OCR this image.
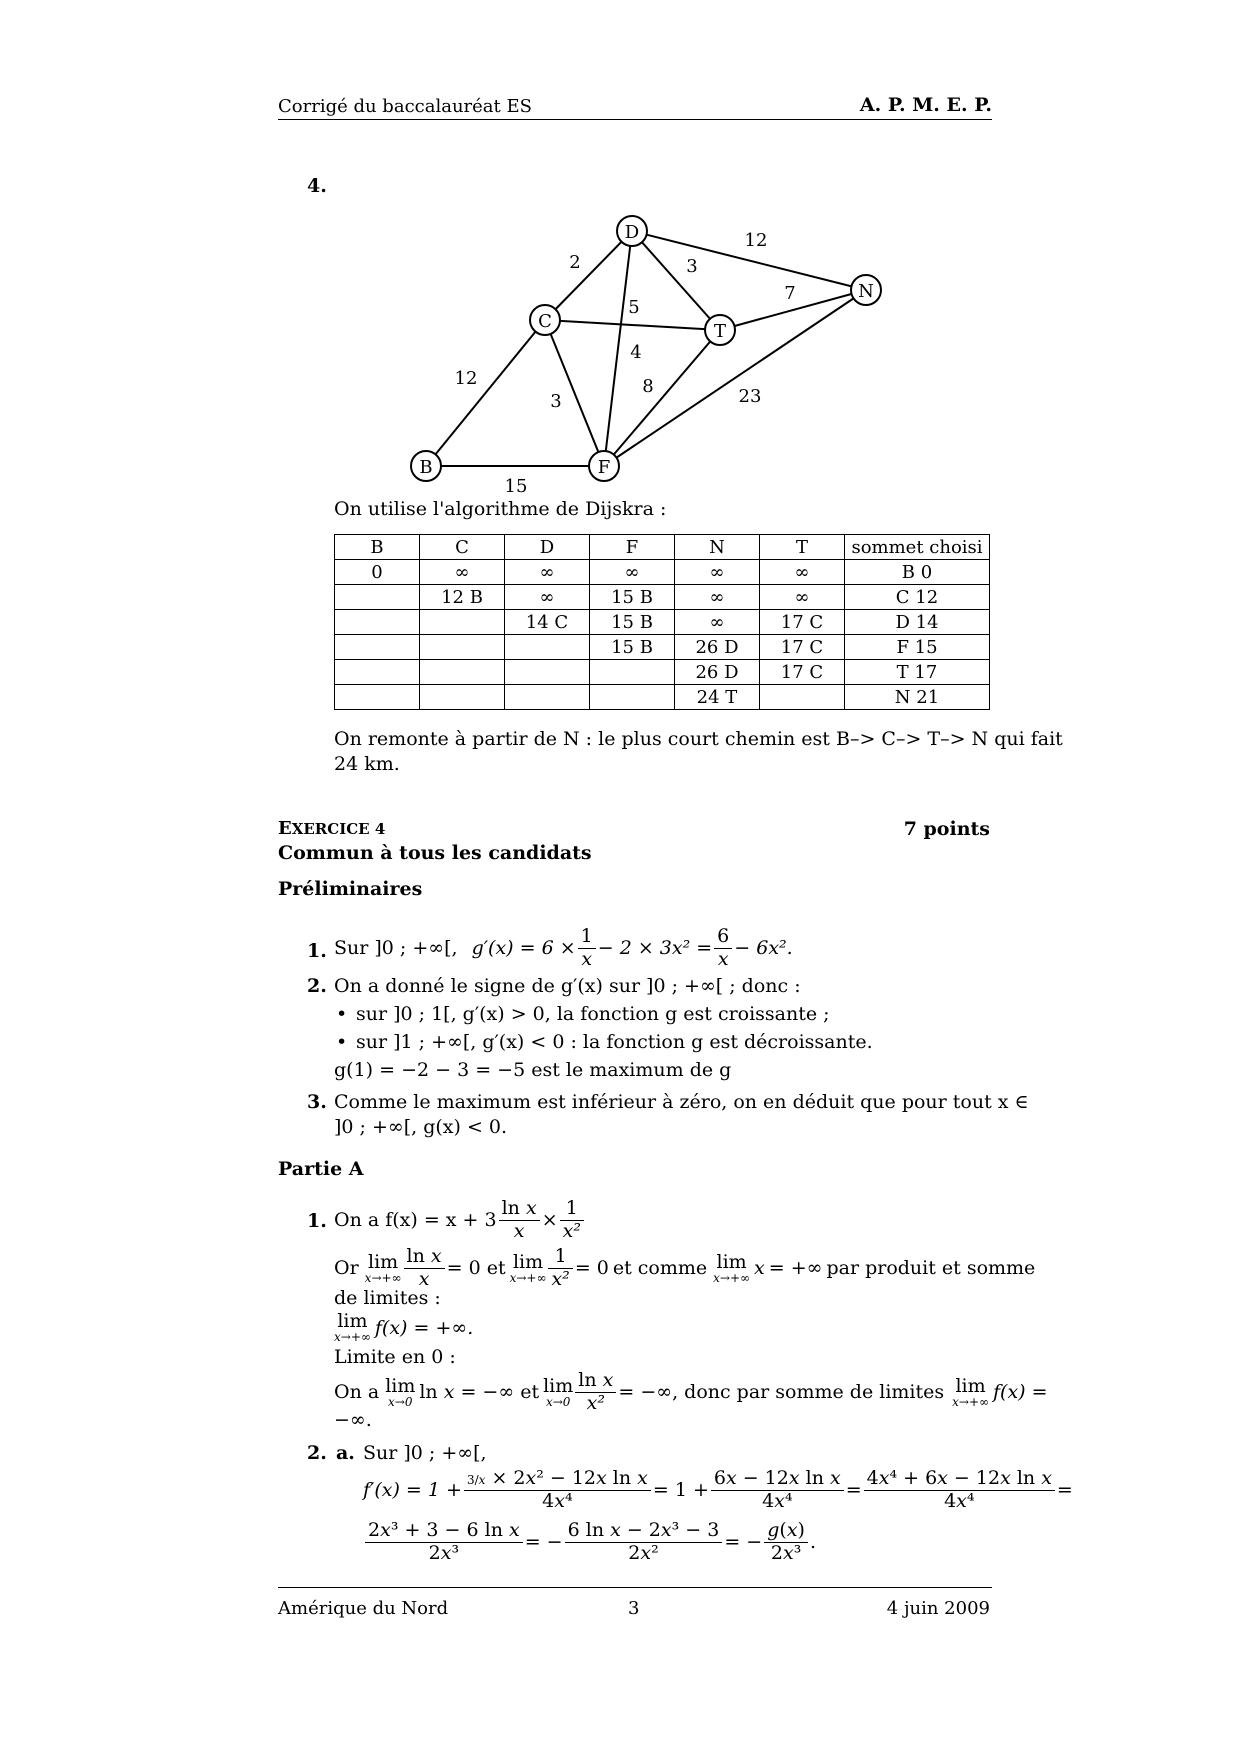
Corrigé du baccalauréat ES	A. P. M. E. P.
4.
D
N
C	T
B	F
12
15
2
3
4
5
3
12
7
8	23
On utilise l'algorithme de Dijskra :
B	C	D	F	N	T	sommet choisi
0	∞	∞	∞	∞	∞	B 0
	12 B	∞	15 B	∞	∞	C 12
		14 C	15 B	∞	17 C	D 14
			15 B	26 D	17 C	F 15
				26 D	17 C	T 17
				24 T		N 21
On remonte à partir de N : le plus court chemin est B–> C–> T–> N qui fait
24 km.
EXERCICE 4	7 points
Commun à tous les candidats
Préliminaires
1. Sur ]0 ; +∞[, $g'(x) = 6 \times \frac{1}{x} - 2 \times 3x^2 = \frac{6}{x} - 6x^2$.
2. On a donné le signe de g′(x) sur ]0 ; +∞[ ; donc :
• sur ]0 ; 1[, g′(x) > 0, la fonction g est croissante ;
• sur ]1 ; +∞[, g′(x) < 0 : la fonction g est décroissante.
g(1) = −2 − 3 = −5 est le maximum de g
3. Comme le maximum est inférieur à zéro, on en déduit que pour tout x ∈
]0 ; +∞[, g(x) < 0.
Partie A
1. On a $f(x) = x + 3 \frac{\text{ln x}}{x} \times \frac{1}{\text{x²}}$
Or lim
$x\to+\infty \frac{\text{ln x}}{x} = 0$ et lim
$x\to+\infty \frac{1}{\text{x²}} = 0$ et comme lim
x→+∞ x = +∞ par produit et somme
de limites :
lim
x→+∞ f(x) = +∞.
Limite en 0 :
On a lim
x→0 ln x = −∞ et lim
$x\to 0 \frac{\text{ln x}}{\text{x²}}$ = −∞ , donc par somme de limites lim
x→+∞ f(x) =
−∞.
2. a. Sur ]0 ; +∞[,
$f'(x) = 1 + \frac{\text{3/x × 2x² − 12x ln x}}{\text{4x⁴}} = 1 + \frac{\text{6x − 12x ln x}}{\text{4x⁴}} = \frac{\text{4x⁴ + 6x − 12x ln x}}{\text{4x⁴}}$ =
$\frac{\text{2x³ + 3 − 6 ln x}}{\text{2x³}}$ = − $\frac{\text{6 ln x − 2x³ − 3}}{\text{2x²}}$ = − $\frac{g(x)}{\text{2x³}}$ .
Amérique du Nord	3	4 juin 2009
